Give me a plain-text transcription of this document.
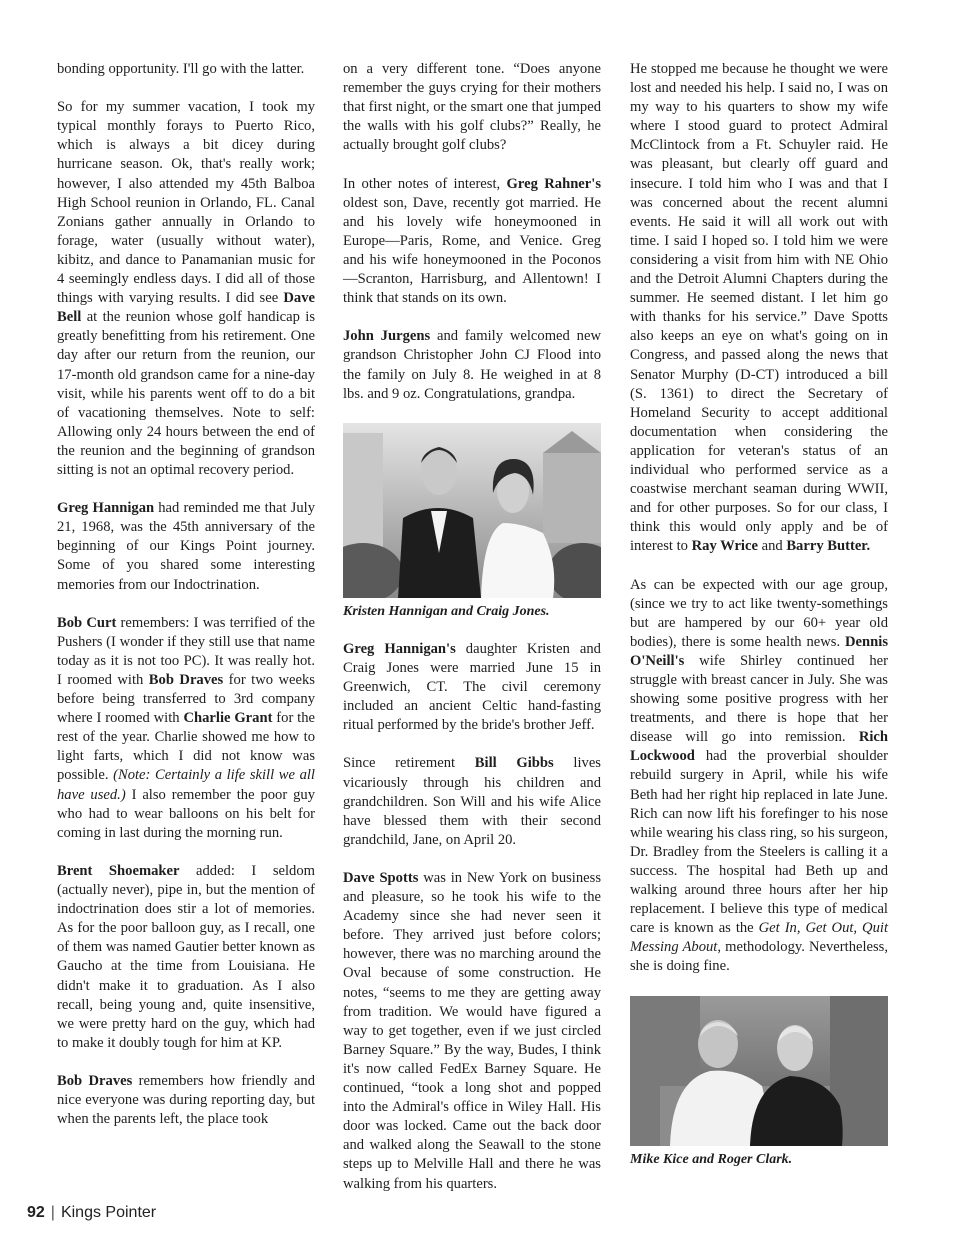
bonding opportunity. I'll go with the latter.

So for my summer vacation, I took my typical monthly forays to Puerto Rico, which is always a bit dicey during hurricane season. Ok, that's really work; however, I also attended my 45th Balboa High School reunion in Orlando, FL. Canal Zonians gather annually in Orlando to forage, water (usually without water), kibitz, and dance to Panamanian music for 4 seemingly endless days. I did all of those things with varying results. I did see Dave Bell at the reunion whose golf handicap is greatly benefitting from his retirement. One day after our return from the reunion, our 17-month old grandson came for a nine-day visit, while his parents went off to do a bit of vacationing themselves. Note to self: Allowing only 24 hours between the end of the reunion and the beginning of grandson sitting is not an optimal recovery period.

Greg Hannigan had reminded me that July 21, 1968, was the 45th anniversary of the beginning of our Kings Point journey. Some of you shared some interesting memories from our Indoctrination.

Bob Curt remembers: I was terrified of the Pushers (I wonder if they still use that name today as it is not too PC). It was really hot. I roomed with Bob Draves for two weeks before being transferred to 3rd company where I roomed with Charlie Grant for the rest of the year. Charlie showed me how to light farts, which I did not know was possible. (Note: Certainly a life skill we all have used.) I also remember the poor guy who had to wear balloons on his belt for coming in last during the morning run.

Brent Shoemaker added: I seldom (actually never), pipe in, but the mention of indoctrination does stir a lot of memories. As for the poor balloon guy, as I recall, one of them was named Gautier better known as Gaucho at the time from Louisiana. He didn't make it to graduation. As I also recall, being young and, quite insensitive, we were pretty hard on the guy, which had to make it doubly tough for him at KP.

Bob Draves remembers how friendly and nice everyone was during reporting day, but when the parents left, the place took

on a very different tone. “Does anyone remember the guys crying for their mothers that first night, or the smart one that jumped the walls with his golf clubs?” Really, he actually brought golf clubs?

In other notes of interest, Greg Rahner's oldest son, Dave, recently got married. He and his lovely wife honeymooned in Europe—Paris, Rome, and Venice. Greg and his wife honeymooned in the Poconos—Scranton, Harrisburg, and Allentown! I think that stands on its own.

John Jurgens and family welcomed new grandson Christopher John CJ Flood into the family on July 8. He weighed in at 8 lbs. and 9 oz. Congratulations, grandpa.

Kristen Hannigan and Craig Jones.

Greg Hannigan's daughter Kristen and Craig Jones were married June 15 in Greenwich, CT. The civil ceremony included an ancient Celtic hand-fasting ritual performed by the bride's brother Jeff.

Since retirement Bill Gibbs lives vicariously through his children and grandchildren. Son Will and his wife Alice have blessed them with their second grandchild, Jane, on April 20.

Dave Spotts was in New York on business and pleasure, so he took his wife to the Academy since she had never seen it before. They arrived just before colors; however, there was no marching around the Oval because of some construction. He notes, “seems to me they are getting away from tradition. We would have figured a way to get together, even if we just circled Barney Square.” By the way, Budes, I think it's now called FedEx Barney Square. He continued, “took a long shot and popped into the Admiral's office in Wiley Hall. His door was locked. Came out the back door and walked along the Seawall to the stone steps up to Melville Hall and there he was walking from his quarters.

He stopped me because he thought we were lost and needed his help. I said no, I was on my way to his quarters to show my wife where I stood guard to protect Admiral McClintock from a Ft. Schuyler raid. He was pleasant, but clearly off guard and insecure. I told him who I was and that I was concerned about the recent alumni events. He said it will all work out with time. I said I hoped so. I told him we were considering a visit from him with NE Ohio and the Detroit Alumni Chapters during the summer. He seemed distant. I let him go with thanks for his service.” Dave Spotts also keeps an eye on what's going on in Congress, and passed along the news that Senator Murphy (D-CT) introduced a bill (S. 1361) to direct the Secretary of Homeland Security to accept additional documentation when considering the application for veteran's status of an individual who performed service as a coastwise merchant seaman during WWII, and for other purposes. So for our class, I think this would only apply and be of interest to Ray Wrice and Barry Butter.

As can be expected with our age group, (since we try to act like twenty-somethings but are hampered by our 60+ year old bodies), there is some health news. Dennis O'Neill's wife Shirley continued her struggle with breast cancer in July. She was showing some positive progress with her treatments, and there is hope that her disease will go into remission. Rich Lockwood had the proverbial shoulder rebuild surgery in April, while his wife Beth had her right hip replaced in late June. Rich can now lift his forefinger to his nose while wearing his class ring, so his surgeon, Dr. Bradley from the Steelers is calling it a success. The hospital had Beth up and walking around three hours after her hip replacement. I believe this type of medical care is known as the Get In, Get Out, Quit Messing About, methodology. Nevertheless, she is doing fine.

Mike Kice and Roger Clark.
92 | Kings Pointer
